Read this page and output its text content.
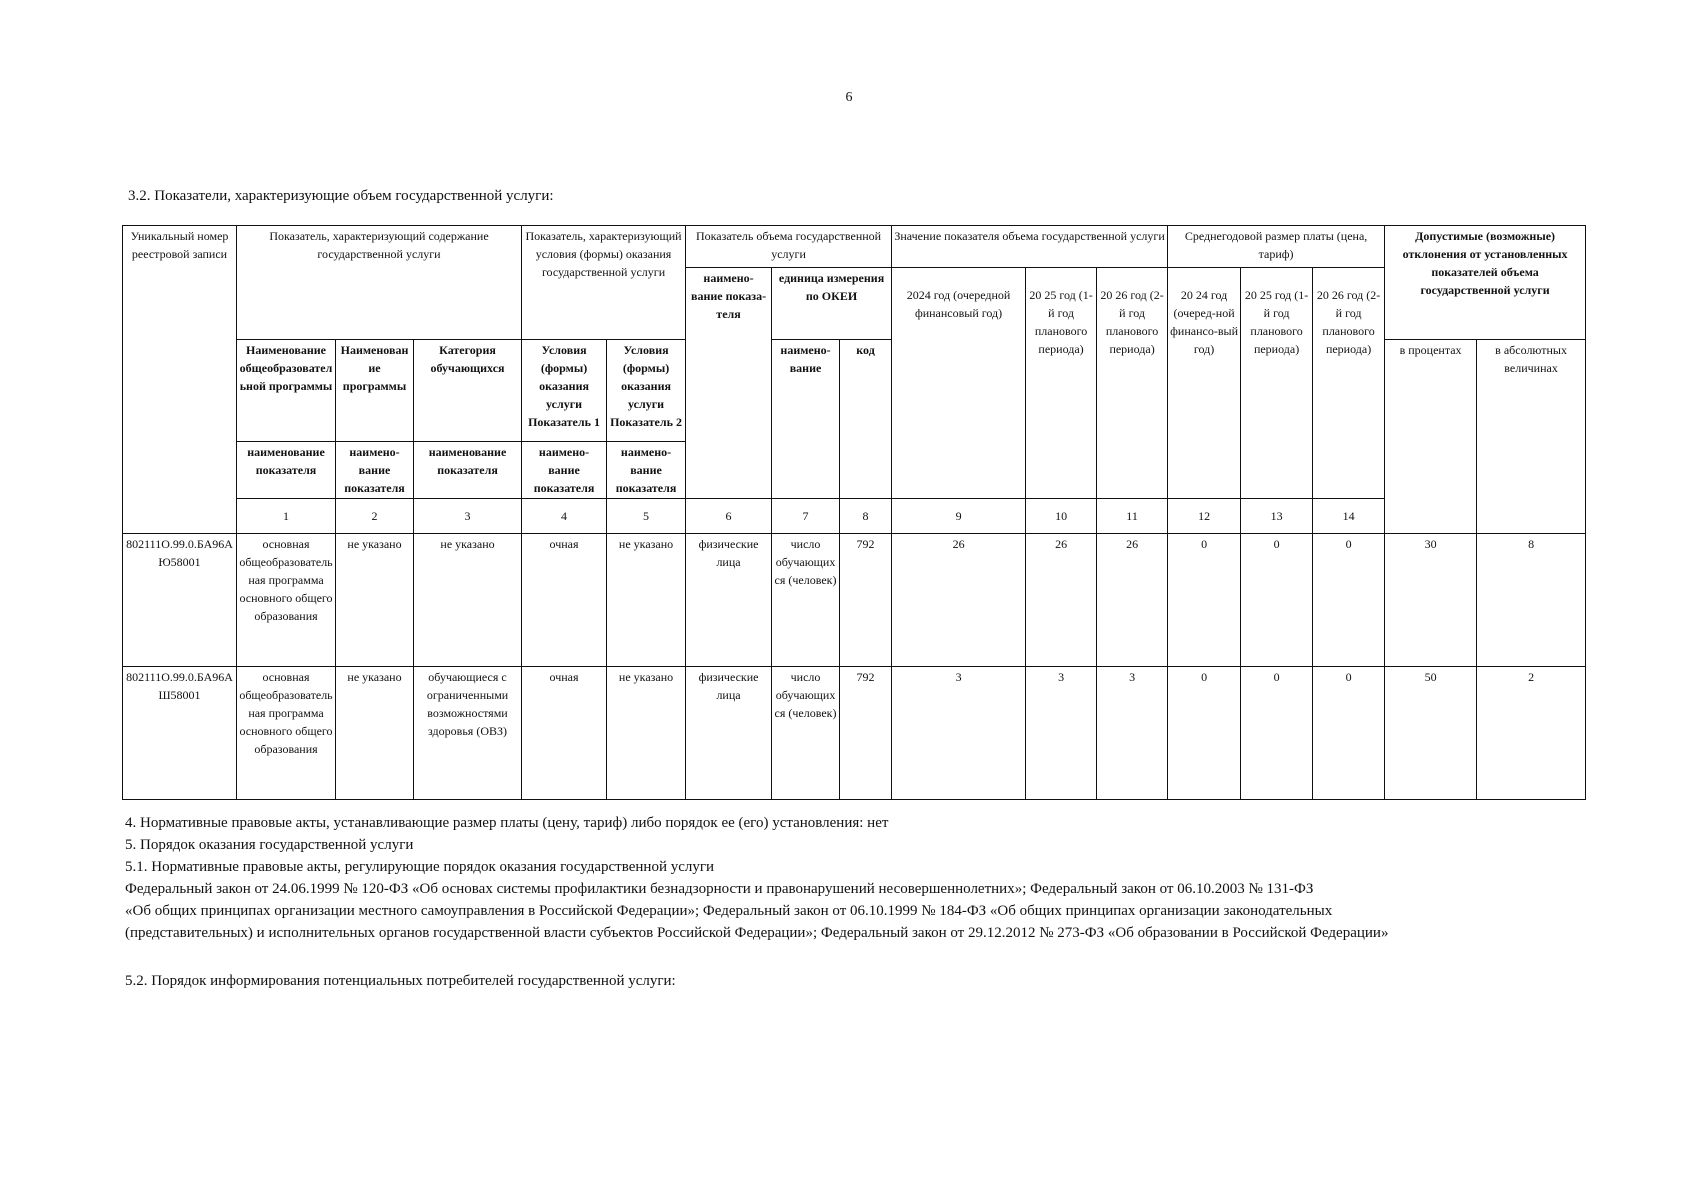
6
3.2. Показатели, характеризующие объем государственной услуги:
Уникальный номер реестровой записи	Показатель, характеризующий содержание государственной услуги			Показатель, характеризующий условия (формы) оказания государственной услуги		Показатель объема государственной услуги			Значение показателя объема государственной услуги			Среднегодовой размер платы (цена, тариф)			Допустимые (возможные) отклонения от установленных показателей объема государственной услуги		
						наимено-вание показа-теля	единица измерения по ОКЕИ		2024 год (очередной финансовый год)	20 25 год (1-й год планового периода)	20 26 год (2-й год планового периода)	20 24 год (очеред-ной финансо-вый год)	20 25 год (1-й год планового периода)	20 26 год (2-й год планового периода)			
	Наименование общеобразовательной программы	Наименование программы	Категория обучающихся	Условия (формы) оказания услуги Показатель 1	Условия (формы) оказания услуги Показатель 2		наимено-вание	код							в процентах	в абсолютных величинах	
	наименование показателя	наимено-вание показателя	наименование показателя	наимено-вание показателя	наимено-вание показателя												
	1	2	3	4	5	6	7	8	9	10	11	12	13	14			
802111О.99.0.БА96АЮ58001	основная общеобразовательная программа основного общего образования	не указано	не указано	очная	не указано	физические лица	число обучающихся (человек)	792	26	26	26	0	0	0	30	8	
802111О.99.0.БА96АШ58001	основная общеобразовательная программа основного общего образования	не указано	обучающиеся с ограниченными возможностями здоровья (ОВЗ)	очная	не указано	физические лица	число обучающихся (человек)	792	3	3	3	0	0	0	50	2	

4. Нормативные правовые акты, устанавливающие размер платы (цену, тариф) либо порядок ее (его) установления: нет

5. Порядок оказания государственной услуги

5.1. Нормативные правовые акты, регулирующие порядок оказания государственной услуги

Федеральный закон от 24.06.1999 № 120-ФЗ «Об основах системы профилактики безнадзорности и правонарушений несовершеннолетних»; Федеральный закон от 06.10.2003 № 131-ФЗ

«Об общих принципах организации местного самоуправления в Российской Федерации»; Федеральный закон от 06.10.1999 № 184-ФЗ «Об общих принципах организации законодательных

(представительных) и исполнительных органов государственной власти субъектов Российской Федерации»; Федеральный закон от 29.12.2012 № 273-ФЗ «Об образовании в Российской Федерации»

5.2. Порядок информирования потенциальных потребителей государственной услуги:
